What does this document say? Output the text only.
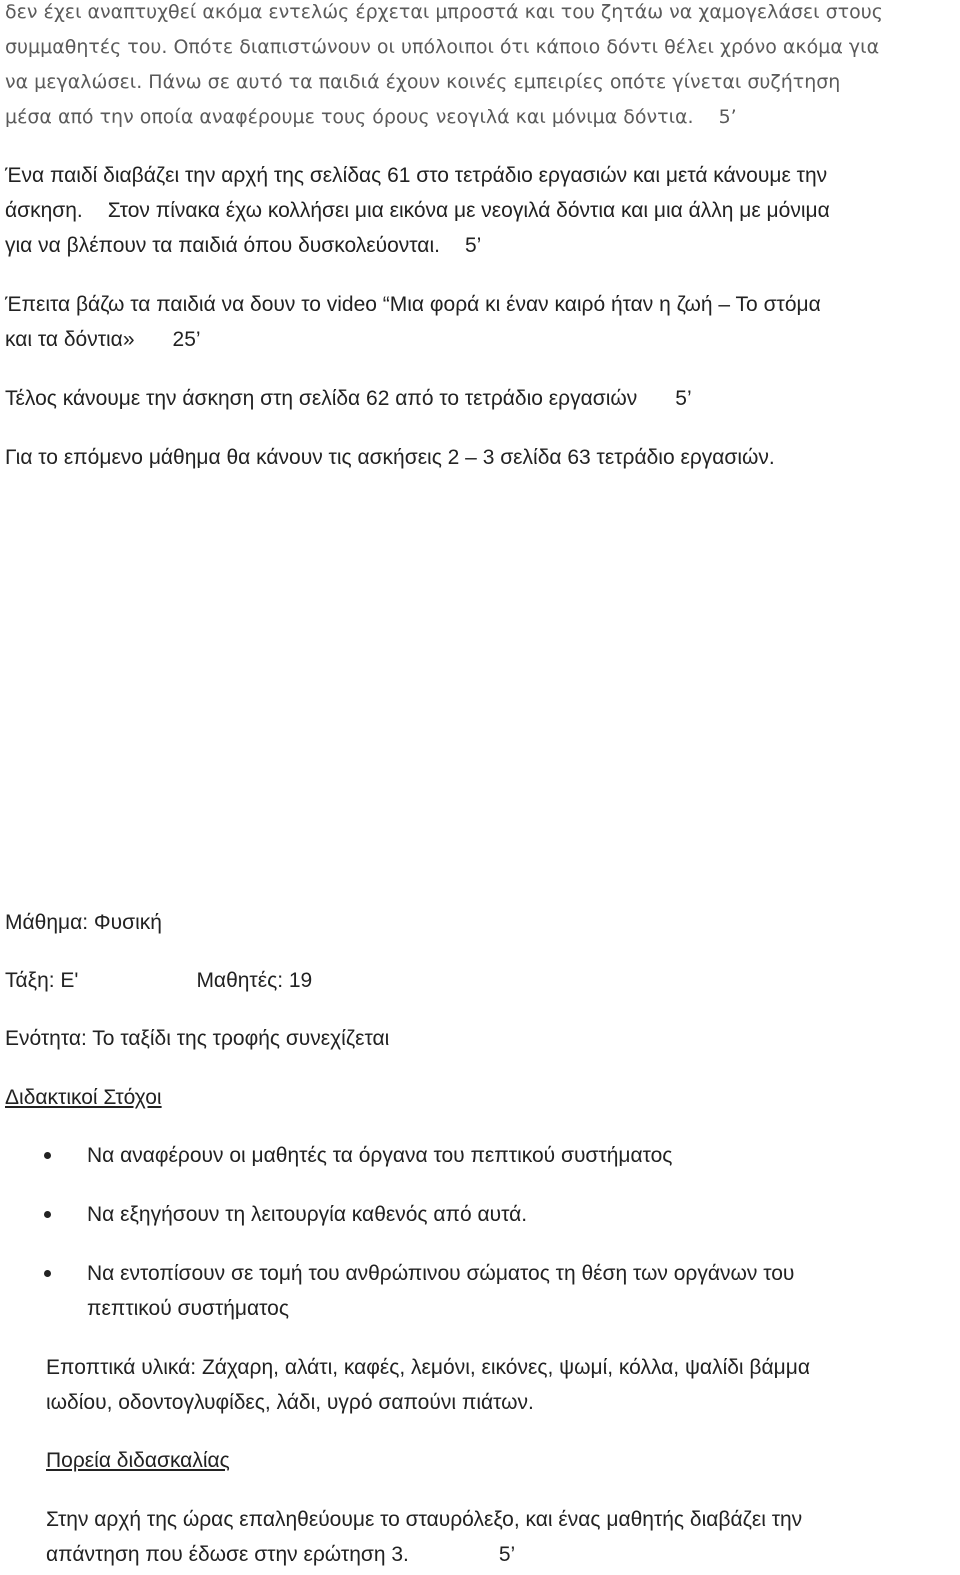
δεν έχει αναπτυχθεί ακόμα εντελώς έρχεται μπροστά και του ζητάω να χαμογελάσει στους
συμμαθητές του. Οπότε διαπιστώνουν οι υπόλοιποι ότι κάποιο δόντι θέλει χρόνο ακόμα για
να μεγαλώσει. Πάνω σε αυτό τα παιδιά έχουν κοινές εμπειρίες οπότε γίνεται συζήτηση
μέσα από την οποία αναφέρουμε τους όρους νεογιλά και μόνιμα δόντια. 5’

Ένα παιδί διαβάζει την αρχή της σελίδας 61 στο τετράδιο εργασιών και μετά κάνουμε την
άσκηση. Στον πίνακα έχω κολλήσει μια εικόνα με νεογιλά δόντια και μια άλλη με μόνιμα
για να βλέπουν τα παιδιά όπου δυσκολεύονται. 5’

Έπειτα βάζω τα παιδιά να δουν το video “Μια φορά κι έναν καιρό ήταν η ζωή – Το στόμα
και τα δόντια» 25’

Τέλος κάνουμε την άσκηση στη σελίδα 62 από το τετράδιο εργασιών 5’

Για το επόμενο μάθημα θα κάνουν τις ασκήσεις 2 – 3 σελίδα 63 τετράδιο εργασιών.

Μάθημα: Φυσική

Τάξη: Ε'	Μαθητές: 19

Ενότητα: Το ταξίδι της τροφής συνεχίζεται

Διδακτικοί Στόχοι

Να αναφέρουν οι μαθητές τα όργανα του πεπτικού συστήματος
Να εξηγήσουν τη λειτουργία καθενός από αυτά.
Να εντοπίσουν σε τομή του ανθρώπινου σώματος τη θέση των οργάνων του
πεπτικού συστήματος

Εποπτικά υλικά: Ζάχαρη, αλάτι, καφές, λεμόνι, εικόνες, ψωμί, κόλλα, ψαλίδι βάμμα
ιωδίου, οδοντογλυφίδες, λάδι, υγρό σαπούνι πιάτων.

Πορεία διδασκαλίας

Στην αρχή της ώρας επαληθεύουμε το σταυρόλεξο, και ένας μαθητής διαβάζει την
απάντηση που έδωσε στην ερώτηση 3.	5’
